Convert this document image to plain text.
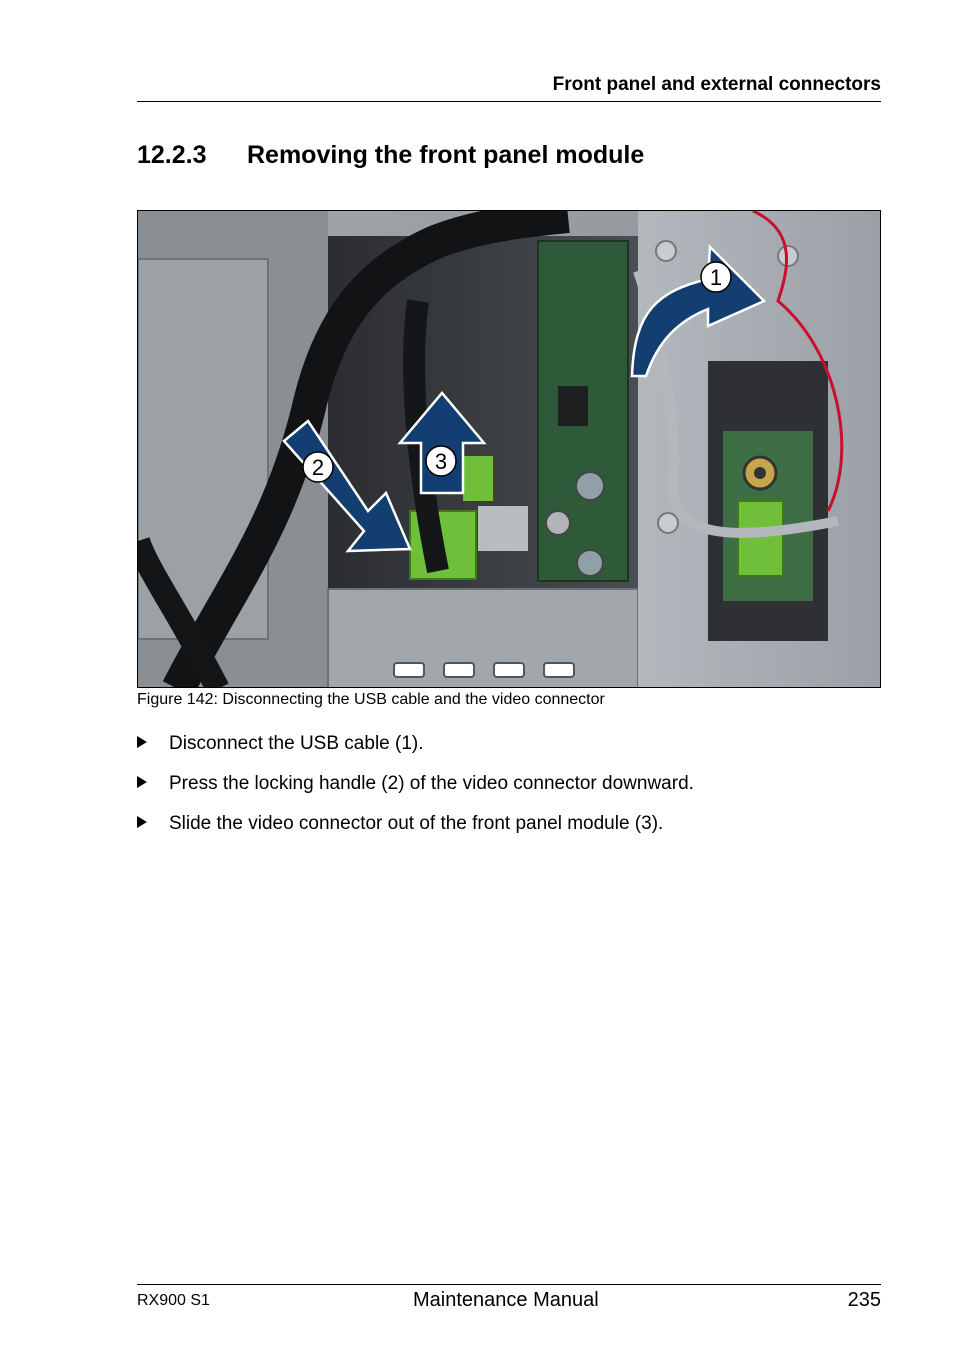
Front panel and external connectors
12.2.3 Removing the front panel module
1
2	3
Figure 142: Disconnecting the USB cable and the video connector
Disconnect the USB cable (1).
Press the locking handle (2) of the video connector downward.
Slide the video connector out of the front panel module (3).
RX900 S1	Maintenance Manual	235
